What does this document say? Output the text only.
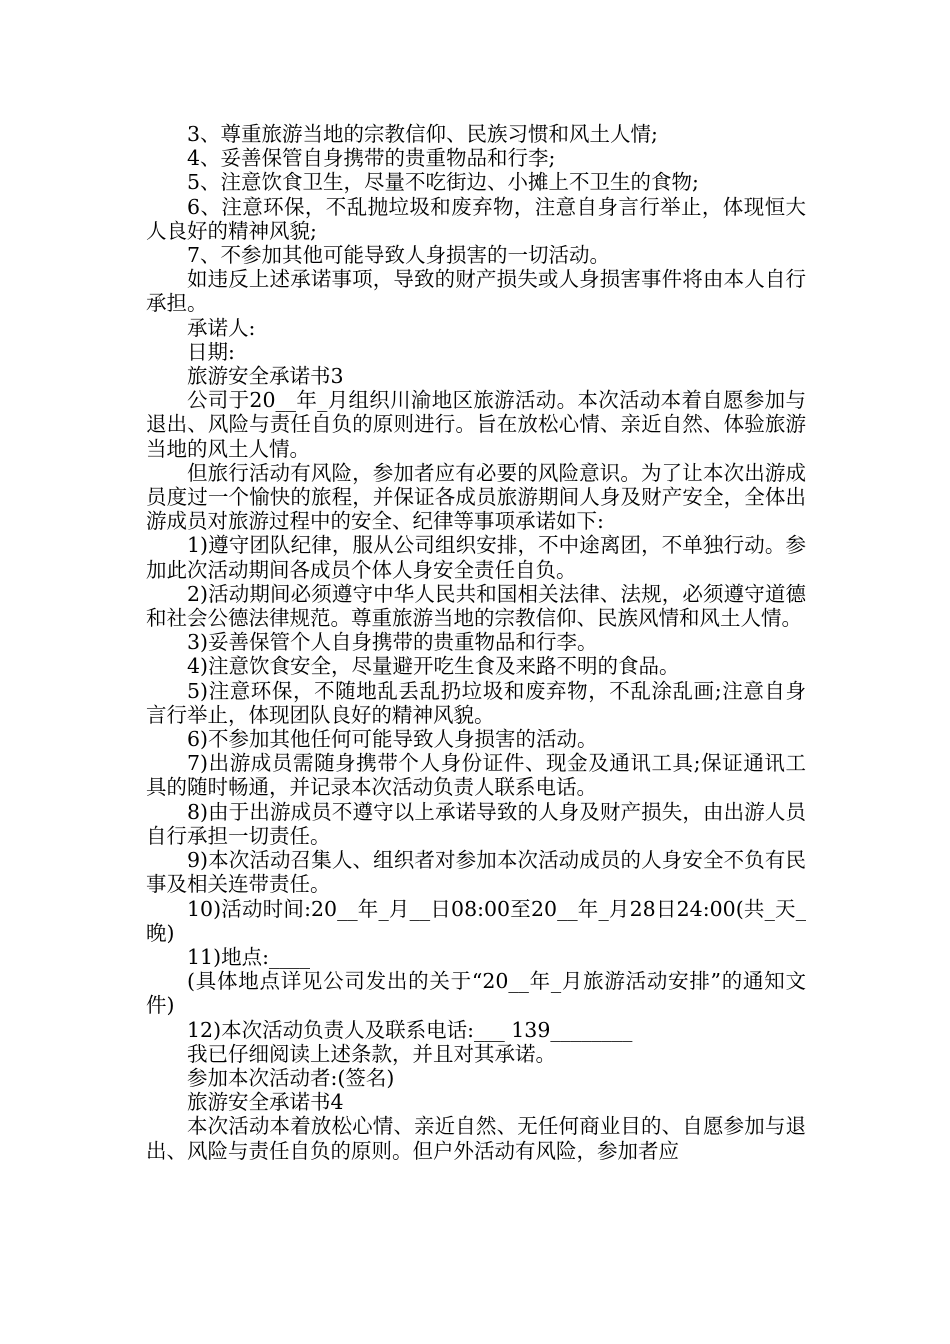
3、尊重旅游当地的宗教信仰、民族习惯和风土人情;

4、妥善保管自身携带的贵重物品和行李;

5、注意饮食卫生，尽量不吃街边、小摊上不卫生的食物;

6、注意环保，不乱抛垃圾和废弃物，注意自身言行举止，体现恒大人良好的精神风貌;

7、不参加其他可能导致人身损害的一切活动。

如违反上述承诺事项，导致的财产损失或人身损害事件将由本人自行承担。

承诺人:

日期:

旅游安全承诺书3

公司于20__年_月组织川渝地区旅游活动。本次活动本着自愿参加与退出、风险与责任自负的原则进行。旨在放松心情、亲近自然、体验旅游当地的风土人情。

但旅行活动有风险，参加者应有必要的风险意识。为了让本次出游成员度过一个愉快的旅程，并保证各成员旅游期间人身及财产安全，全体出游成员对旅游过程中的安全、纪律等事项承诺如下:

1)遵守团队纪律，服从公司组织安排，不中途离团，不单独行动。参加此次活动期间各成员个体人身安全责任自负。

2)活动期间必须遵守中华人民共和国相关法律、法规，必须遵守道德和社会公德法律规范。尊重旅游当地的宗教信仰、民族风情和风土人情。

3)妥善保管个人自身携带的贵重物品和行李。

4)注意饮食安全，尽量避开吃生食及来路不明的食品。

5)注意环保，不随地乱丢乱扔垃圾和废弃物，不乱涂乱画;注意自身言行举止，体现团队良好的精神风貌。

6)不参加其他任何可能导致人身损害的活动。

7)出游成员需随身携带个人身份证件、现金及通讯工具;保证通讯工具的随时畅通，并记录本次活动负责人联系电话。

8)由于出游成员不遵守以上承诺导致的人身及财产损失，由出游人员自行承担一切责任。

9)本次活动召集人、组织者对参加本次活动成员的人身安全不负有民事及相关连带责任。

10)活动时间:20__年_月__日08:00至20__年_月28日24:00(共_天_晚)

11)地点:____

(具体地点详见公司发出的关于“20__年_月旅游活动安排”的通知文件)

12)本次活动负责人及联系电话:___ 139________

我已仔细阅读上述条款，并且对其承诺。

参加本次活动者:(签名)

旅游安全承诺书4

本次活动本着放松心情、亲近自然、无任何商业目的、自愿参加与退出、风险与责任自负的原则。但户外活动有风险，参加者应
